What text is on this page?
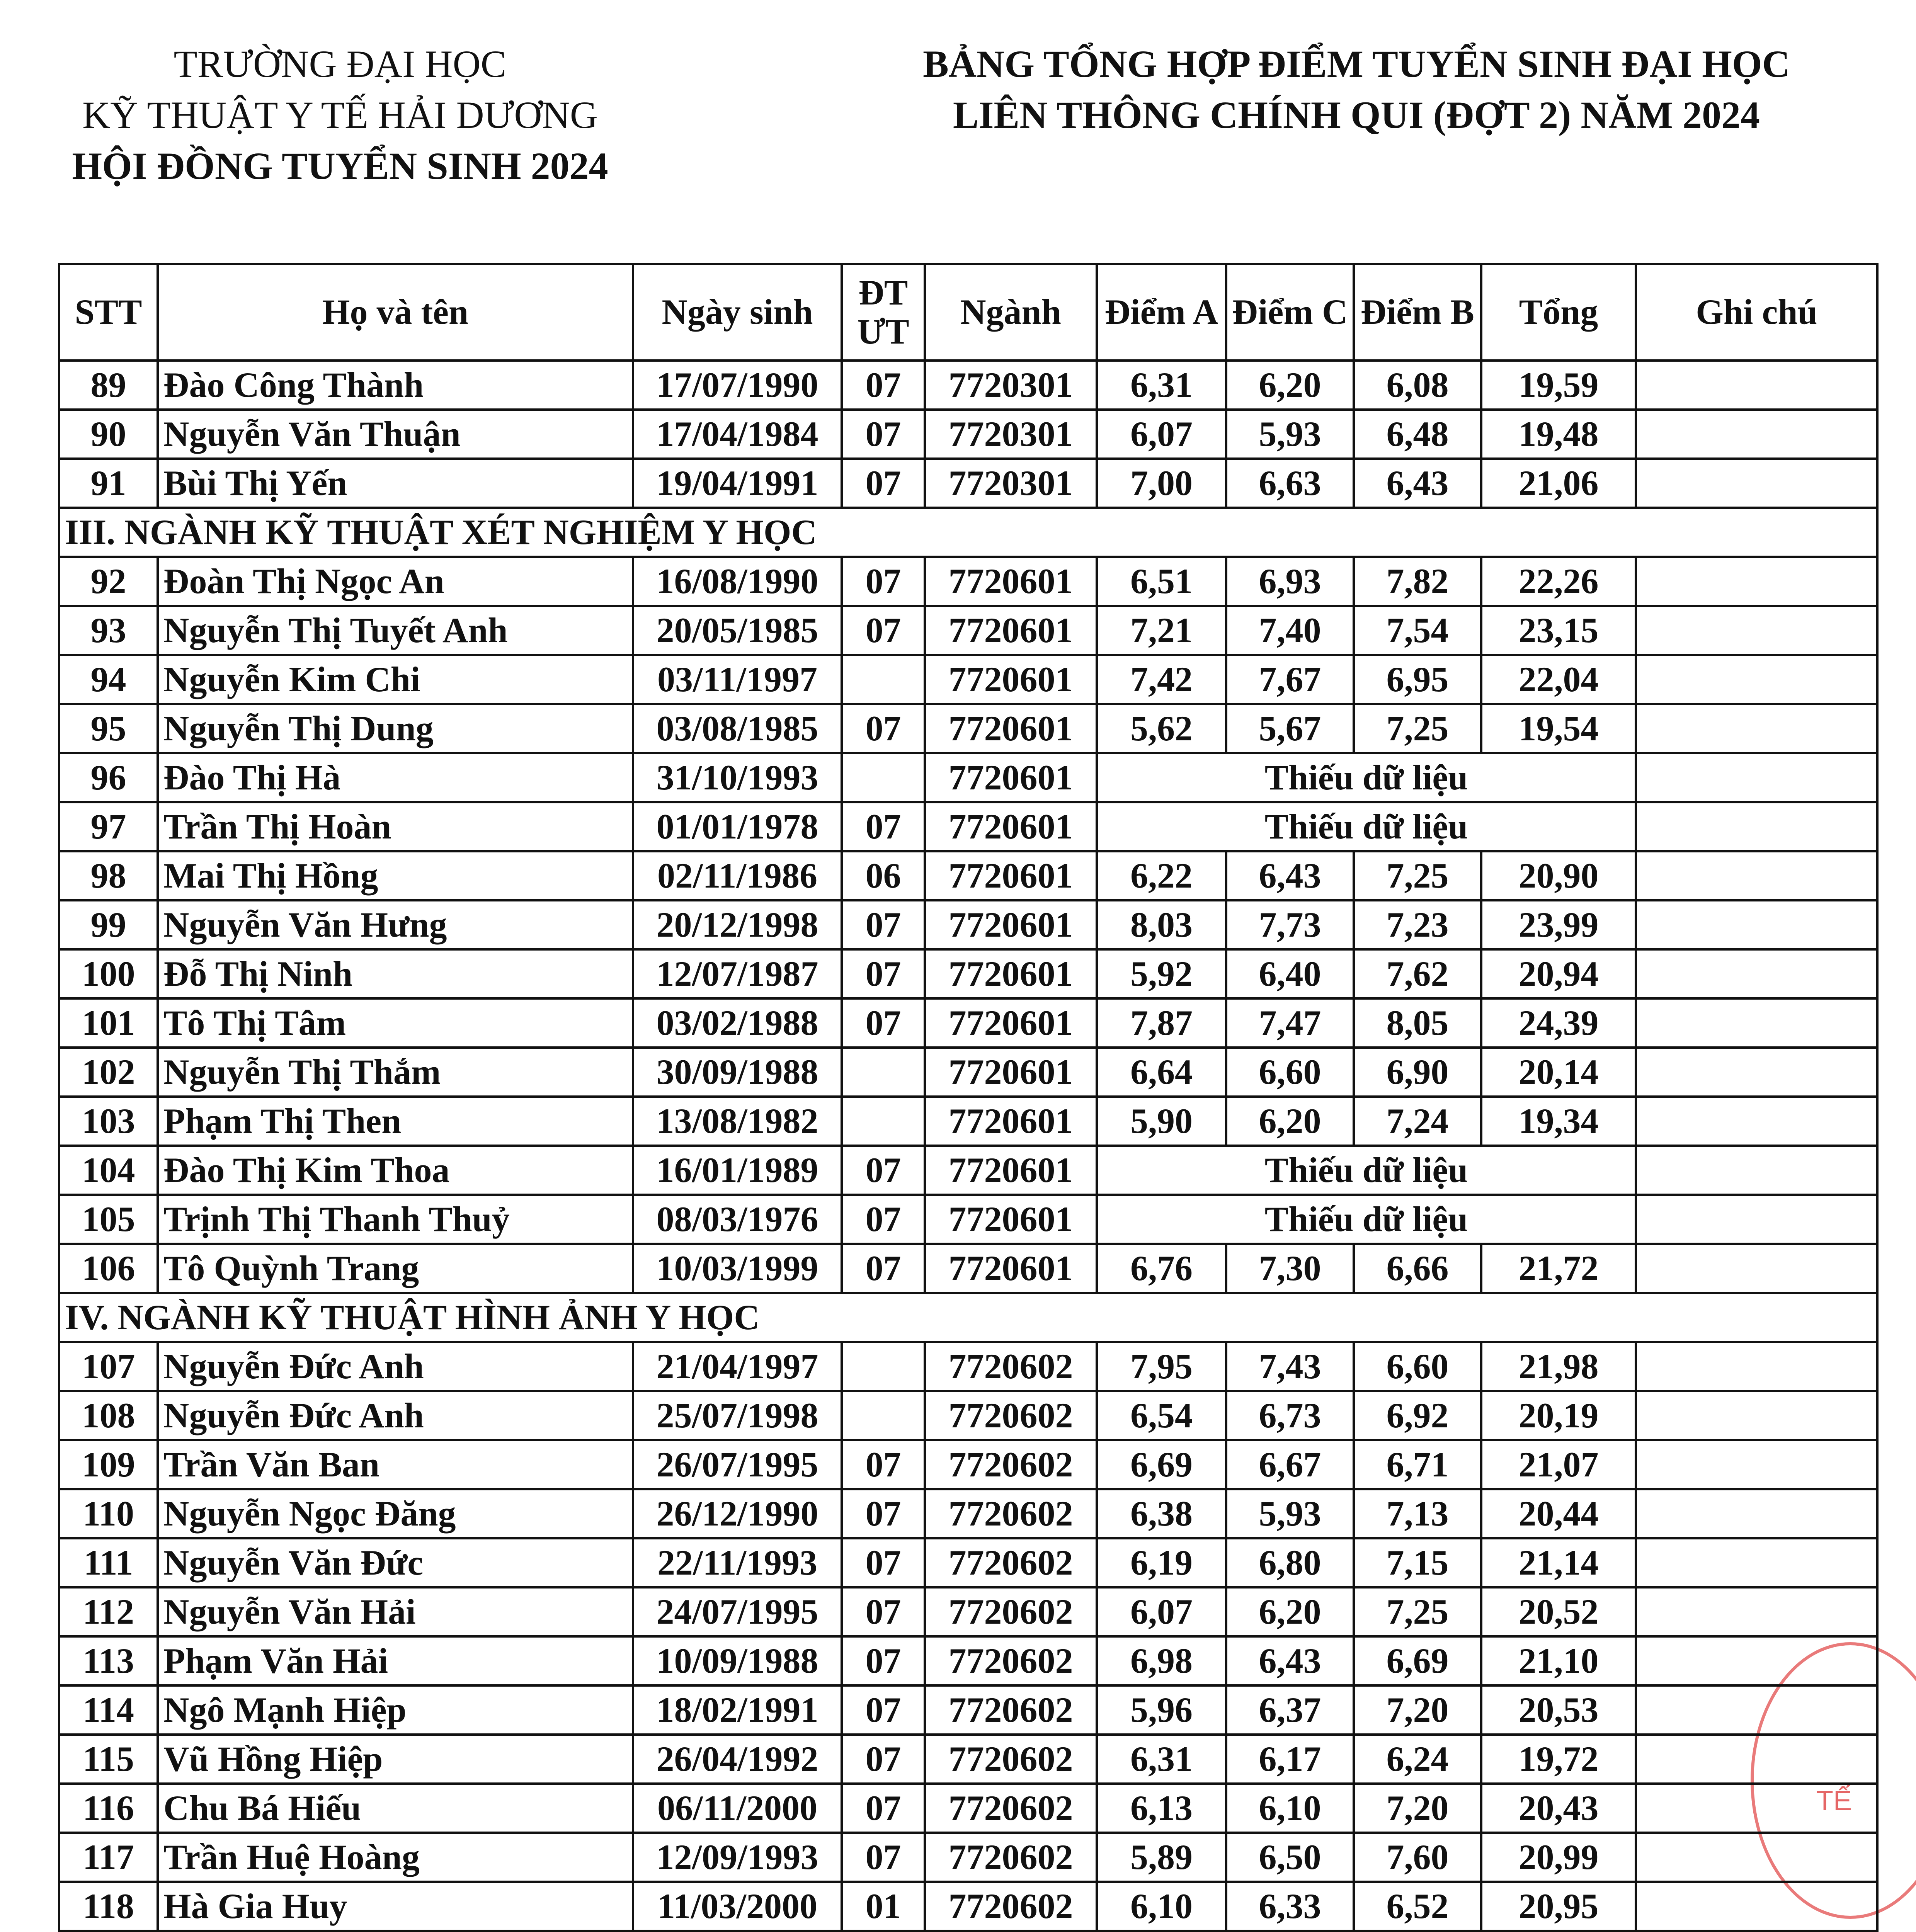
TRƯỜNG ĐẠI HỌC
KỸ THUẬT Y TẾ HẢI DƯƠNG
HỘI ĐỒNG TUYỂN SINH 2024
BẢNG TỔNG HỢP ĐIỂM TUYỂN SINH ĐẠI HỌC
LIÊN THÔNG CHÍNH QUI (ĐỢT 2) NĂM 2024
TẾ
STT	Họ và tên	Ngày sinh	ĐT ƯT	Ngành	Điểm A	Điểm C	Điểm B	Tổng	Ghi chú
89	Đào Công Thành	17/07/1990	07	7720301	6,31	6,20	6,08	19,59	
90	Nguyễn Văn Thuận	17/04/1984	07	7720301	6,07	5,93	6,48	19,48	
91	Bùi Thị Yến	19/04/1991	07	7720301	7,00	6,63	6,43	21,06	
III. NGÀNH KỸ THUẬT XÉT NGHIỆM Y HỌC									
92	Đoàn Thị Ngọc An	16/08/1990	07	7720601	6,51	6,93	7,82	22,26	
93	Nguyễn Thị Tuyết Anh	20/05/1985	07	7720601	7,21	7,40	7,54	23,15	
94	Nguyễn Kim Chi	03/11/1997		7720601	7,42	7,67	6,95	22,04	
95	Nguyễn Thị Dung	03/08/1985	07	7720601	5,62	5,67	7,25	19,54	
96	Đào Thị Hà	31/10/1993		7720601	Thiếu dữ liệu				
97	Trần Thị Hoàn	01/01/1978	07	7720601	Thiếu dữ liệu				
98	Mai Thị Hồng	02/11/1986	06	7720601	6,22	6,43	7,25	20,90	
99	Nguyễn Văn Hưng	20/12/1998	07	7720601	8,03	7,73	7,23	23,99	
100	Đỗ Thị Ninh	12/07/1987	07	7720601	5,92	6,40	7,62	20,94	
101	Tô Thị Tâm	03/02/1988	07	7720601	7,87	7,47	8,05	24,39	
102	Nguyễn Thị Thắm	30/09/1988		7720601	6,64	6,60	6,90	20,14	
103	Phạm Thị Then	13/08/1982		7720601	5,90	6,20	7,24	19,34	
104	Đào Thị Kim Thoa	16/01/1989	07	7720601	Thiếu dữ liệu				
105	Trịnh Thị Thanh Thuỷ	08/03/1976	07	7720601	Thiếu dữ liệu				
106	Tô Quỳnh Trang	10/03/1999	07	7720601	6,76	7,30	6,66	21,72	
IV. NGÀNH KỸ THUẬT HÌNH ẢNH Y HỌC									
107	Nguyễn Đức Anh	21/04/1997		7720602	7,95	7,43	6,60	21,98	
108	Nguyễn Đức Anh	25/07/1998		7720602	6,54	6,73	6,92	20,19	
109	Trần Văn Ban	26/07/1995	07	7720602	6,69	6,67	6,71	21,07	
110	Nguyễn Ngọc Đăng	26/12/1990	07	7720602	6,38	5,93	7,13	20,44	
111	Nguyễn Văn Đức	22/11/1993	07	7720602	6,19	6,80	7,15	21,14	
112	Nguyễn Văn Hải	24/07/1995	07	7720602	6,07	6,20	7,25	20,52	
113	Phạm Văn Hải	10/09/1988	07	7720602	6,98	6,43	6,69	21,10	
114	Ngô Mạnh Hiệp	18/02/1991	07	7720602	5,96	6,37	7,20	20,53	
115	Vũ Hồng Hiệp	26/04/1992	07	7720602	6,31	6,17	6,24	19,72	
116	Chu Bá Hiếu	06/11/2000	07	7720602	6,13	6,10	7,20	20,43	
117	Trần Huệ Hoàng	12/09/1993	07	7720602	5,89	6,50	7,60	20,99	
118	Hà Gia Huy	11/03/2000	01	7720602	6,10	6,33	6,52	20,95	
